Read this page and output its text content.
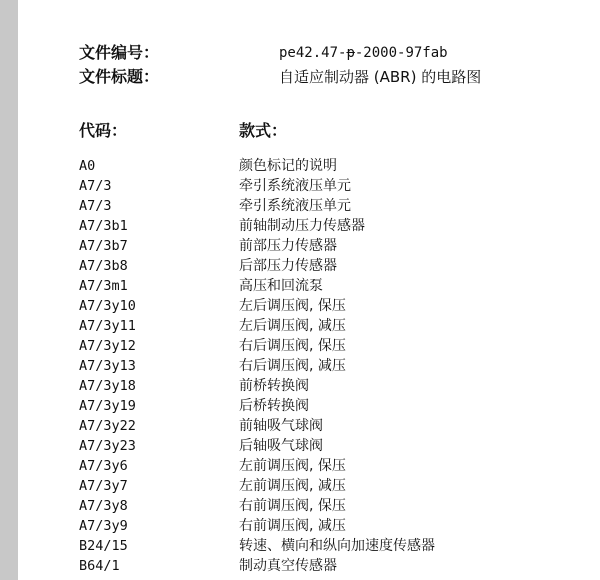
文件编号：	pe42.47-p-2000-97fab
文件标题：	自适应制动器 (ABR) 的电路图
代码：	款式：
A0	颜色标记的说明
A7/3	牵引系统液压单元
A7/3	牵引系统液压单元
A7/3b1	前轴制动压力传感器
A7/3b7	前部压力传感器
A7/3b8	后部压力传感器
A7/3m1	高压和回流泵
A7/3y10	左后调压阀, 保压
A7/3y11	左后调压阀, 减压
A7/3y12	右后调压阀, 保压
A7/3y13	右后调压阀, 减压
A7/3y18	前桥转换阀
A7/3y19	后桥转换阀
A7/3y22	前轴吸气球阀
A7/3y23	后轴吸气球阀
A7/3y6	左前调压阀, 保压
A7/3y7	左前调压阀, 减压
A7/3y8	右前调压阀, 保压
A7/3y9	右前调压阀, 减压
B24/15	转速、横向和纵向加速度传感器
B64/1	制动真空传感器
